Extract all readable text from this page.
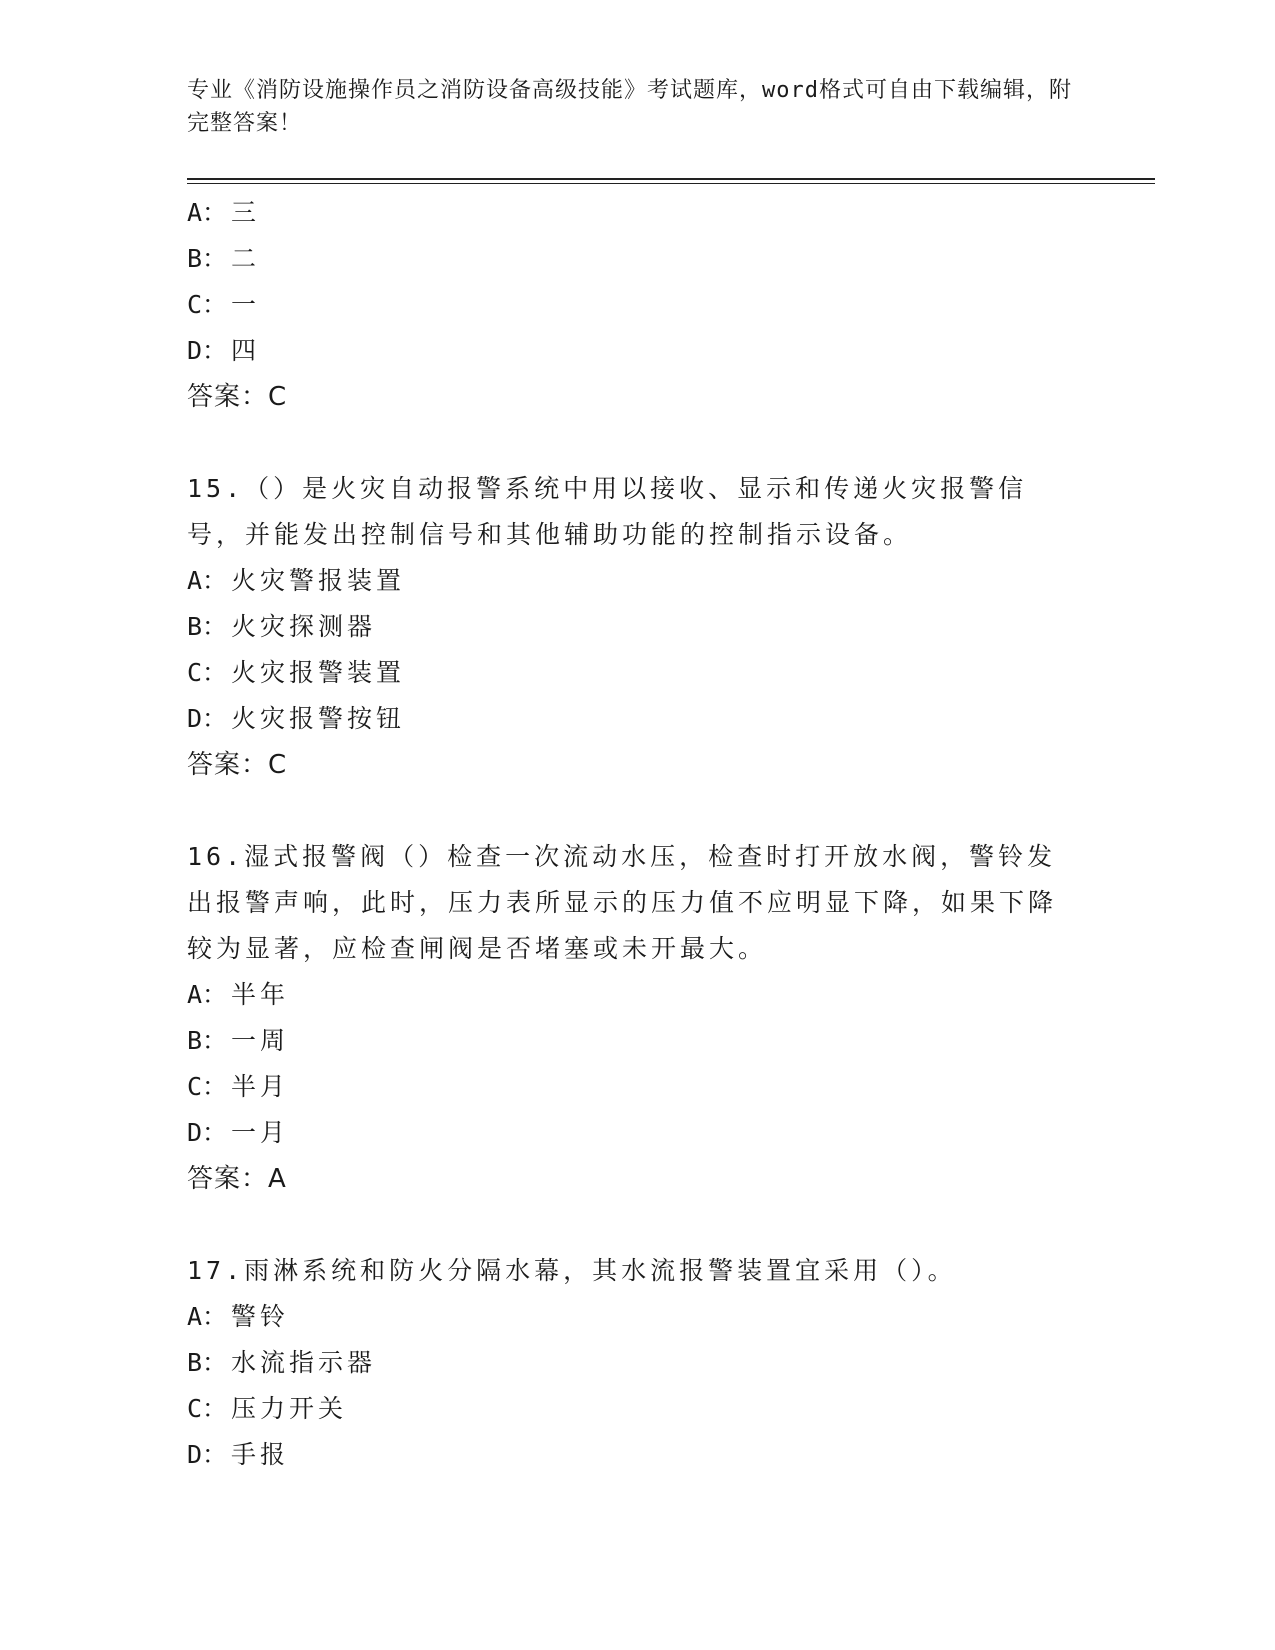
专业《消防设施操作员之消防设备高级技能》考试题库，word格式可自由下载编辑，附完整答案！
A： 三
B： 二
C： 一
D： 四
答案：C
15.（）是火灾自动报警系统中用以接收、显示和传递火灾报警信号，并能发出控制信号和其他辅助功能的控制指示设备。
A： 火灾警报装置
B： 火灾探测器
C： 火灾报警装置
D： 火灾报警按钮
答案：C
16.湿式报警阀（）检查一次流动水压，检查时打开放水阀，警铃发出报警声响，此时，压力表所显示的压力值不应明显下降，如果下降较为显著，应检查闸阀是否堵塞或未开最大。
A： 半年
B： 一周
C： 半月
D： 一月
答案：A
17.雨淋系统和防火分隔水幕，其水流报警装置宜采用（）。
A： 警铃
B： 水流指示器
C： 压力开关
D： 手报
